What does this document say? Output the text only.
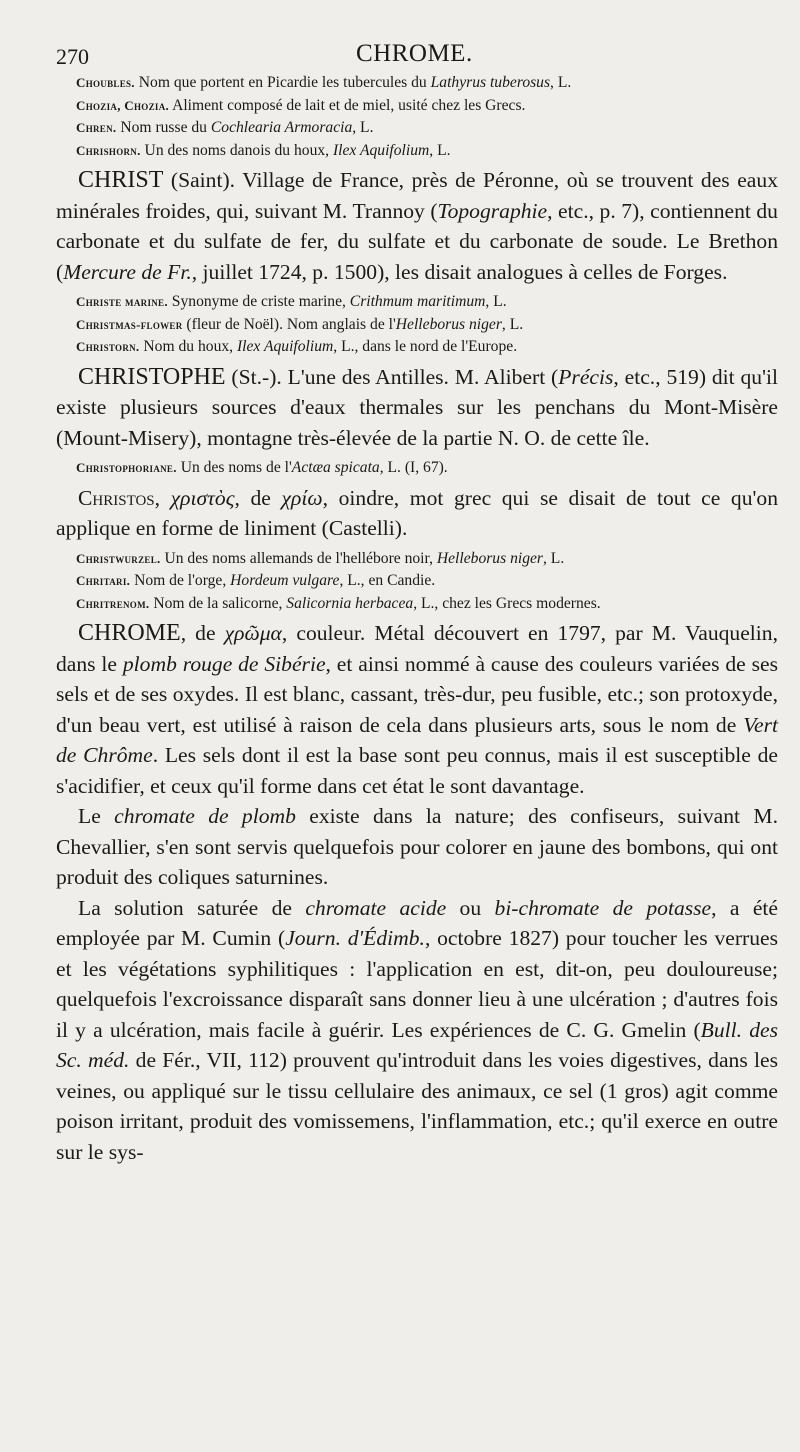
270	CHROME.

Choubles. Nom que portent en Picardie les tubercules du Lathyrus tuberosus, L.

Chozia, Chozia. Aliment composé de lait et de miel, usité chez les Grecs.

Chren. Nom russe du Cochlearia Armoracia, L.

Chrishorn. Un des noms danois du houx, Ilex Aquifolium, L.

CHRIST (Saint). Village de France, près de Péronne, où se trouvent des eaux minérales froides, qui, suivant M. Trannoy (Topographie, etc., p. 7), contiennent du carbonate et du sulfate de fer, du sulfate et du carbonate de soude. Le Brethon (Mercure de Fr., juillet 1724, p. 1500), les disait analogues à celles de Forges.

Christe marine. Synonyme de criste marine, Crithmum maritimum, L.

Christmas-flower (fleur de Noël). Nom anglais de l'Helleborus niger, L.

Christorn. Nom du houx, Ilex Aquifolium, L., dans le nord de l'Europe.

CHRISTOPHE (St.-). L'une des Antilles. M. Alibert (Précis, etc., 519) dit qu'il existe plusieurs sources d'eaux thermales sur les penchans du Mont-Misère (Mount-Misery), montagne très-élevée de la partie N. O. de cette île.

Christophoriane. Un des noms de l'Actæa spicata, L. (I, 67).

Christos, χριστὸς, de χρίω, oindre, mot grec qui se disait de tout ce qu'on applique en forme de liniment (Castelli).

Christwurzel. Un des noms allemands de l'hellébore noir, Helleborus niger, L.

Chritari. Nom de l'orge, Hordeum vulgare, L., en Candie.

Chritrenom. Nom de la salicorne, Salicornia herbacea, L., chez les Grecs modernes.

CHROME, de χρῶμα, couleur. Métal découvert en 1797, par M. Vauquelin, dans le plomb rouge de Sibérie, et ainsi nommé à cause des couleurs variées de ses sels et de ses oxydes. Il est blanc, cassant, très-dur, peu fusible, etc.; son protoxyde, d'un beau vert, est utilisé à raison de cela dans plusieurs arts, sous le nom de Vert de Chrôme. Les sels dont il est la base sont peu connus, mais il est susceptible de s'acidifier, et ceux qu'il forme dans cet état le sont davantage.

Le chromate de plomb existe dans la nature; des confiseurs, suivant M. Chevallier, s'en sont servis quelquefois pour colorer en jaune des bombons, qui ont produit des coliques saturnines.

La solution saturée de chromate acide ou bi-chromate de potasse, a été employée par M. Cumin (Journ. d'Édimb., octobre 1827) pour toucher les verrues et les végétations syphilitiques : l'application en est, dit-on, peu douloureuse; quelquefois l'excroissance disparaît sans donner lieu à une ulcération ; d'autres fois il y a ulcération, mais facile à guérir. Les expériences de C. G. Gmelin (Bull. des Sc. méd. de Fér., VII, 112) prouvent qu'introduit dans les voies digestives, dans les veines, ou appliqué sur le tissu cellulaire des animaux, ce sel (1 gros) agit comme poison irritant, produit des vomissemens, l'inflammation, etc.; qu'il exerce en outre sur le sys-
